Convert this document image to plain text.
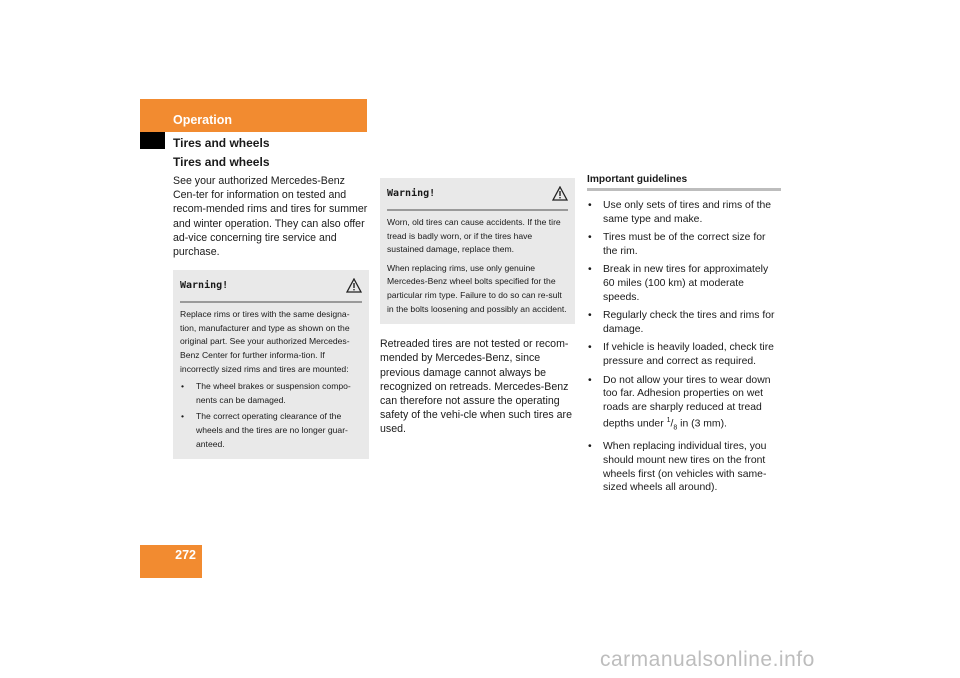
Operation
Tires and wheels
Tires and wheels

See your authorized Mercedes-Benz Cen-ter for information on tested and recom-mended rims and tires for summer and winter operation. They can also offer ad-vice concerning tire service and purchase.

Warning!

Replace rims or tires with the same designa-tion, manufacturer and type as shown on the original part. See your authorized Mercedes-Benz Center for further informa-tion. If incorrectly sized rims and tires are mounted:

• The wheel brakes or suspension compo-nents can be damaged.
• The correct operating clearance of the wheels and the tires are no longer guar-anteed.
Warning!

Worn, old tires can cause accidents. If the tire tread is badly worn, or if the tires have sustained damage, replace them.

When replacing rims, use only genuine Mercedes-Benz wheel bolts specified for the particular rim type. Failure to do so can re-sult in the bolts loosening and possibly an accident.

Retreaded tires are not tested or recom-mended by Mercedes-Benz, since previous damage cannot always be recognized on retreads. Mercedes-Benz can therefore not assure the operating safety of the vehi-cle when such tires are used.

Important guidelines
• Use only sets of tires and rims of the same type and make.
• Tires must be of the correct size for the rim.
• Break in new tires for approximately 60 miles (100 km) at moderate speeds.
• Regularly check the tires and rims for damage.
• If vehicle is heavily loaded, check tire pressure and correct as required.
• Do not allow your tires to wear down too far. Adhesion properties on wet roads are sharply reduced at tread depths under $^1/_8$ in (3 mm).
• When replacing individual tires, you should mount new tires on the front wheels first (on vehicles with same-sized wheels all around).
272
carmanualsonline.info
